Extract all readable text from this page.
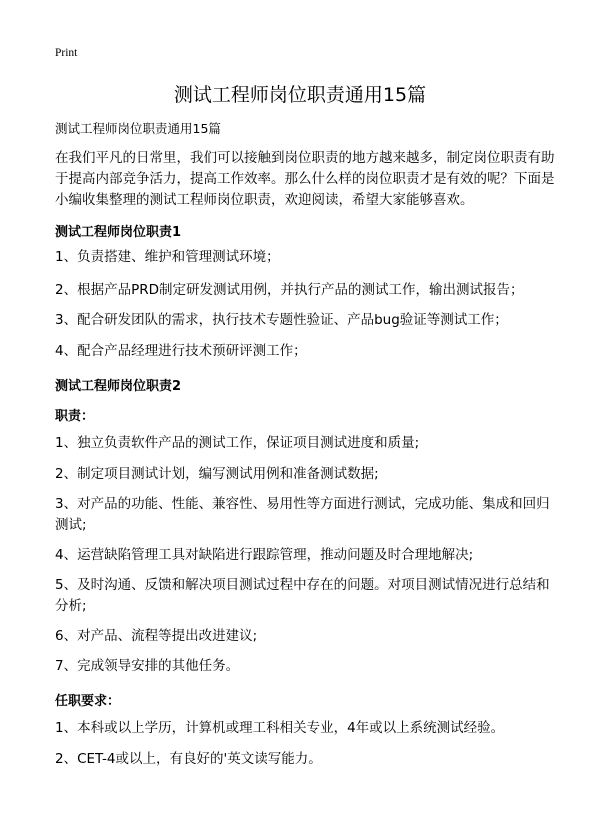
Print
测试工程师岗位职责通用15篇
测试工程师岗位职责通用15篇
在我们平凡的日常里，我们可以接触到岗位职责的地方越来越多，制定岗位职责有助于提高内部竞争活力，提高工作效率。那么什么样的岗位职责才是有效的呢？下面是小编收集整理的测试工程师岗位职责，欢迎阅读，希望大家能够喜欢。
测试工程师岗位职责1
1、负责搭建、维护和管理测试环境；
2、根据产品PRD制定研发测试用例，并执行产品的测试工作，输出测试报告；
3、配合研发团队的需求，执行技术专题性验证、产品bug验证等测试工作；
4、配合产品经理进行技术预研评测工作；
测试工程师岗位职责2
职责：
1、独立负责软件产品的测试工作，保证项目测试进度和质量;
2、制定项目测试计划，编写测试用例和准备测试数据;
3、对产品的功能、性能、兼容性、易用性等方面进行测试，完成功能、集成和回归测试;
4、运营缺陷管理工具对缺陷进行跟踪管理，推动问题及时合理地解决;
5、及时沟通、反馈和解决项目测试过程中存在的问题。对项目测试情况进行总结和分析;
6、对产品、流程等提出改进建议;
7、完成领导安排的其他任务。
任职要求：
1、本科或以上学历，计算机或理工科相关专业，4年或以上系统测试经验。
2、CET-4或以上，有良好的'英文读写能力。
